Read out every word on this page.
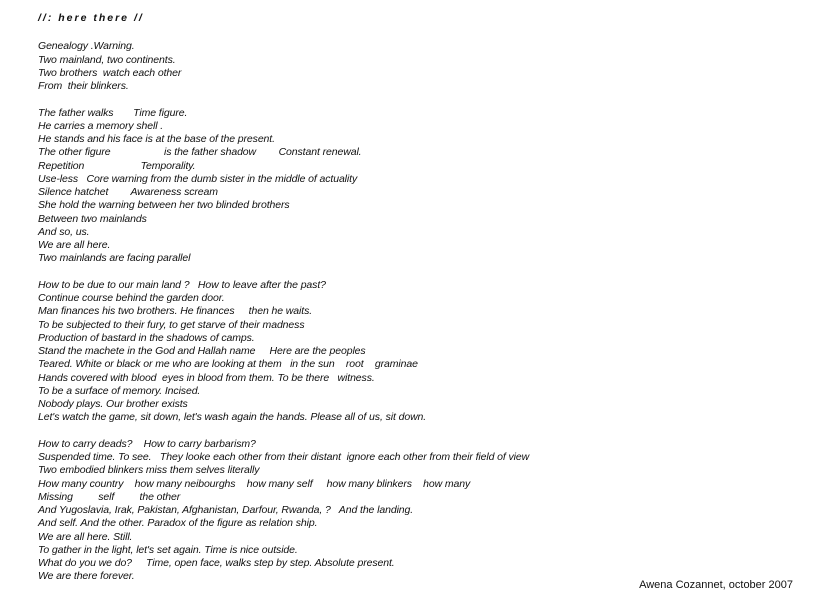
//: here there //
Genealogy .Warning.
Two mainland, two continents.
Two brothers  watch each other
From  their blinkers.
The father walks       Time figure.
He carries a memory shell .
He stands and his face is at the base of the present.
The other figure                   is the father shadow        Constant renewal.
Repetition                    Temporality.
Use-less   Core warning from the dumb sister in the middle of actuality
Silence hatchet        Awareness scream
She hold the warning between her two blinded brothers
Between two mainlands
And so, us.
We are all here.
Two mainlands are facing parallel
How to be due to our main land ?   How to leave after the past?
Continue course behind the garden door.
Man finances his two brothers. He finances     then he waits.
To be subjected to their fury, to get starve of their madness
Production of bastard in the shadows of camps.
Stand the machete in the God and Hallah name     Here are the peoples
Teared. White or black or me who are looking at them   in the sun    root    graminae
Hands covered with blood  eyes in blood from them. To be there   witness.
To be a surface of memory. Incised.
Nobody plays. Our brother exists
Let's watch the game, sit down, let's wash again the hands. Please all of us, sit down.
How to carry deads?    How to carry barbarism?
Suspended time. To see.   They looke each other from their distant  ignore each other from their field of view
Two embodied blinkers miss them selves literally
How many country    how many neibourghs    how many self     how many blinkers    how many
Missing         self         the other
And Yugoslavia, Irak, Pakistan, Afghanistan, Darfour, Rwanda, ?   And the landing.
And self. And the other. Paradox of the figure as relation ship.
We are all here. Still.
To gather in the light, let's set again. Time is nice outside.
What do you we do?     Time, open face, walks step by step. Absolute present.
We are there forever.
Awena Cozannet, october 2007
